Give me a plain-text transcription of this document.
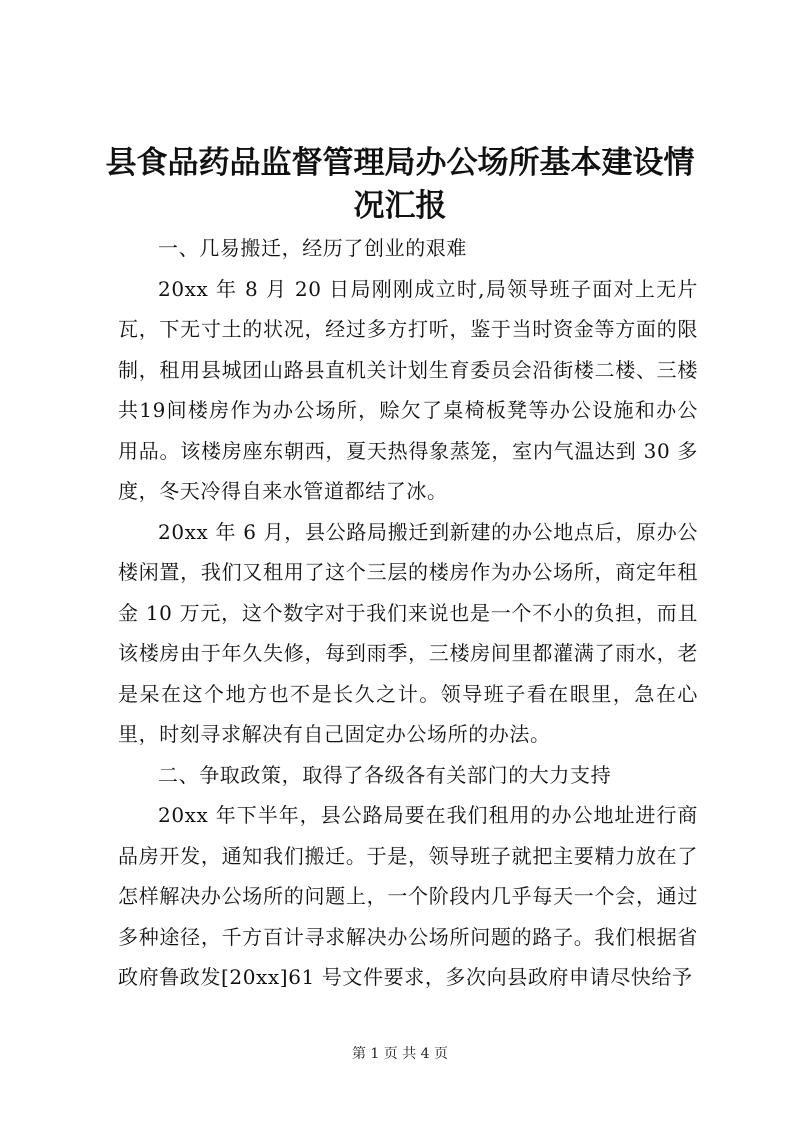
县食品药品监督管理局办公场所基本建设情况汇报

一、几易搬迁，经历了创业的艰难

20xx 年 8 月 20 日局刚刚成立时,局领导班子面对上无片瓦，下无寸土的状况，经过多方打听，鉴于当时资金等方面的限制，租用县城团山路县直机关计划生育委员会沿街楼二楼、三楼共19间楼房作为办公场所，赊欠了桌椅板凳等办公设施和办公用品。该楼房座东朝西，夏天热得象蒸笼，室内气温达到 30 多度，冬天冷得自来水管道都结了冰。

20xx 年 6 月，县公路局搬迁到新建的办公地点后，原办公楼闲置，我们又租用了这个三层的楼房作为办公场所，商定年租金 10 万元，这个数字对于我们来说也是一个不小的负担，而且该楼房由于年久失修，每到雨季，三楼房间里都灌满了雨水，老是呆在这个地方也不是长久之计。领导班子看在眼里，急在心里，时刻寻求解决有自己固定办公场所的办法。

二、争取政策，取得了各级各有关部门的大力支持

20xx 年下半年，县公路局要在我们租用的办公地址进行商品房开发，通知我们搬迁。于是，领导班子就把主要精力放在了怎样解决办公场所的问题上，一个阶段内几乎每天一个会，通过多种途径，千方百计寻求解决办公场所问题的路子。我们根据省政府鲁政发[20xx]61 号文件要求，多次向县政府申请尽快给予

第 1 页 共 4 页
